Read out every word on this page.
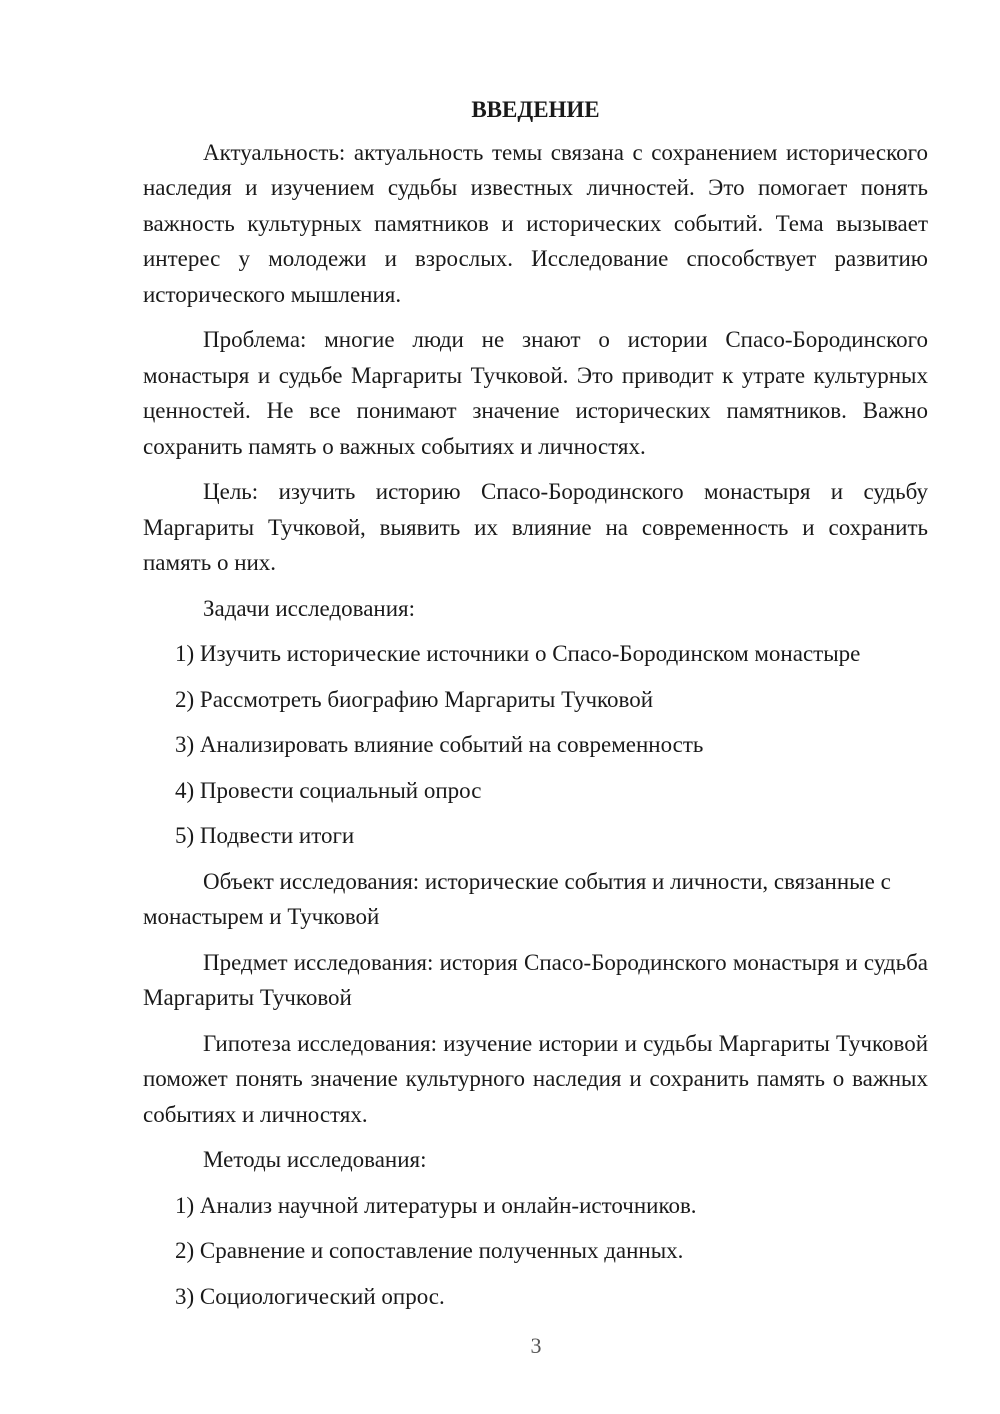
ВВЕДЕНИЕ

Актуальность: актуальность темы связана с сохранением исторического наследия и изучением судьбы известных личностей. Это помогает понять важность культурных памятников и исторических событий. Тема вызывает интерес у молодежи и взрослых. Исследование способствует развитию исторического мышления.

Проблема: многие люди не знают о истории Спасо-Бородинского монастыря и судьбе Маргариты Тучковой. Это приводит к утрате культурных ценностей. Не все понимают значение исторических памятников. Важно сохранить память о важных событиях и личностях.

Цель: изучить историю Спасо-Бородинского монастыря и судьбу Маргариты Тучковой, выявить их влияние на современность и сохранить память о них.

Задачи исследования:

1) Изучить исторические источники о Спасо-Бородинском монастыре
2) Рассмотреть биографию Маргариты Тучковой
3) Анализировать влияние событий на современность
4) Провести социальный опрос
5) Подвести итоги

Объект исследования: исторические события и личности, связанные с монастырем и Тучковой

Предмет исследования: история Спасо-Бородинского монастыря и судьба Маргариты Тучковой

Гипотеза исследования: изучение истории и судьбы Маргариты Тучковой поможет понять значение культурного наследия и сохранить память о важных событиях и личностях.

Методы исследования:

1) Анализ научной литературы и онлайн-источников.
2) Сравнение и сопоставление полученных данных.
3) Социологический опрос.
3
